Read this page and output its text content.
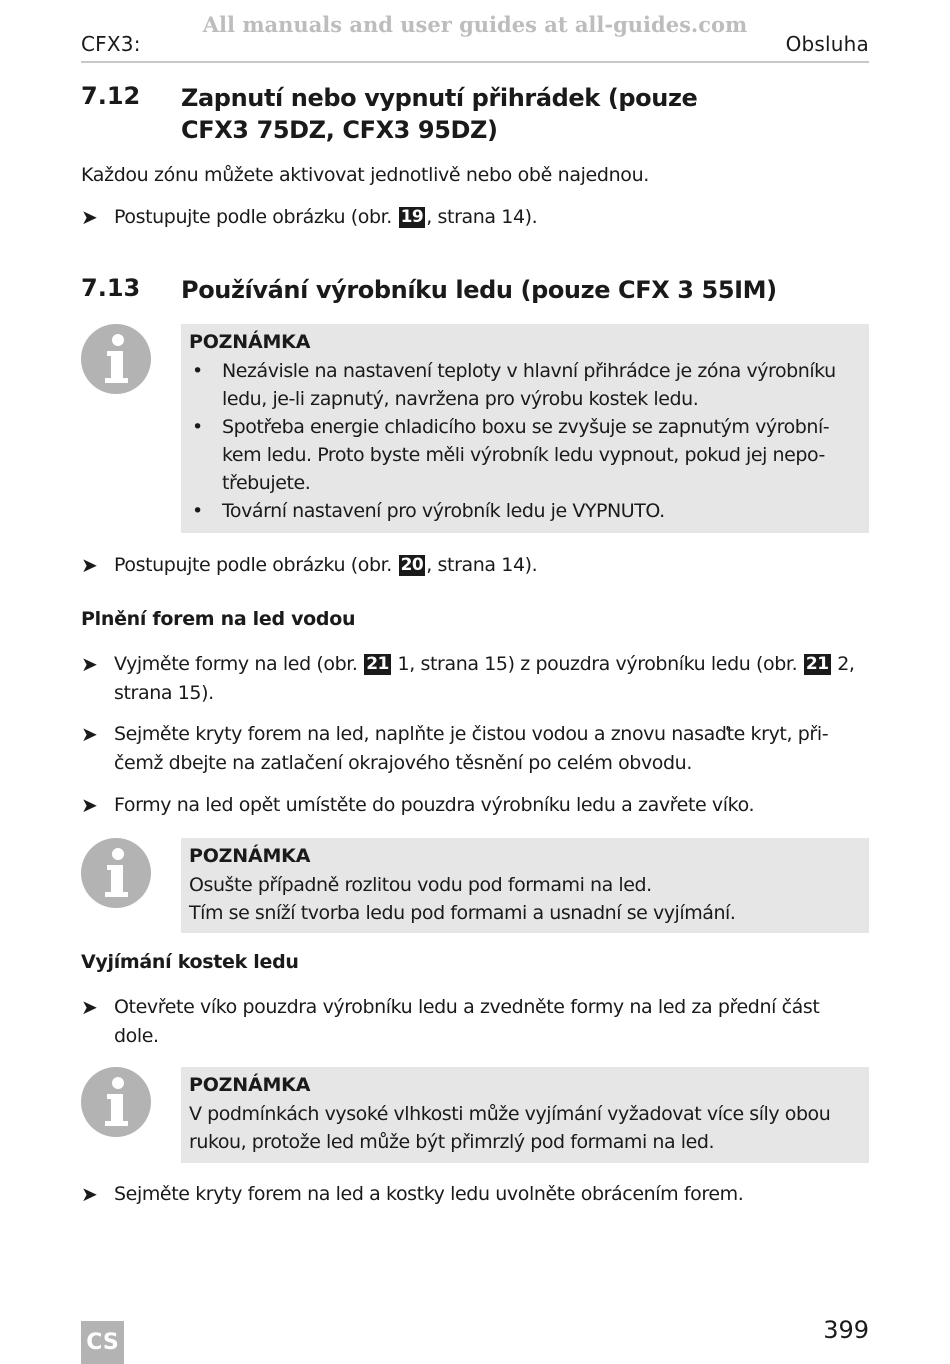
All manuals and user guides at all-guides.com
CFX3:	Obsluha
7.12 Zapnutí nebo vypnutí přihrádek (pouze
CFX3 75DZ, CFX3 95DZ)
Každou zónu můžete aktivovat jednotlivě nebo obě najednou.
➤ Postupujte podle obrázku (obr. 19 , strana 14).
7.13 Používání výrobníku ledu (pouze CFX 3 55IM)
POZNÁMKA
• Nezávisle na nastavení teploty v hlavní přihrádce je zóna výrobníku
ledu, je-li zapnutý, navržena pro výrobu kostek ledu.
• Spotřeba energie chladicího boxu se zvyšuje se zapnutým výrobní-
kem ledu. Proto byste měli výrobník ledu vypnout, pokud jej nepo-
třebujete.
• Tovární nastavení pro výrobník ledu je VYPNUTO.
➤ Postupujte podle obrázku (obr. 20 , strana 14).
Plnění forem na led vodou
➤ Vyjměte formy na led (obr. 21 1, strana 15) z pouzdra výrobníku ledu (obr. 21 2,
strana 15).
➤ Sejměte kryty forem na led, naplňte je čistou vodou a znovu nasaďte kryt, při-
čemž dbejte na zatlačení okrajového těsnění po celém obvodu.
➤ Formy na led opět umístěte do pouzdra výrobníku ledu a zavřete víko.
POZNÁMKA
Osušte případně rozlitou vodu pod formami na led.
Tím se sníží tvorba ledu pod formami a usnadní se vyjímání.
Vyjímání kostek ledu
➤ Otevřete víko pouzdra výrobníku ledu a zvedněte formy na led za přední část
dole.
POZNÁMKA
V podmínkách vysoké vlhkosti může vyjímání vyžadovat více síly obou
rukou, protože led může být přimrzlý pod formami na led.
➤ Sejměte kryty forem na led a kostky ledu uvolněte obrácením forem.
CS	399
